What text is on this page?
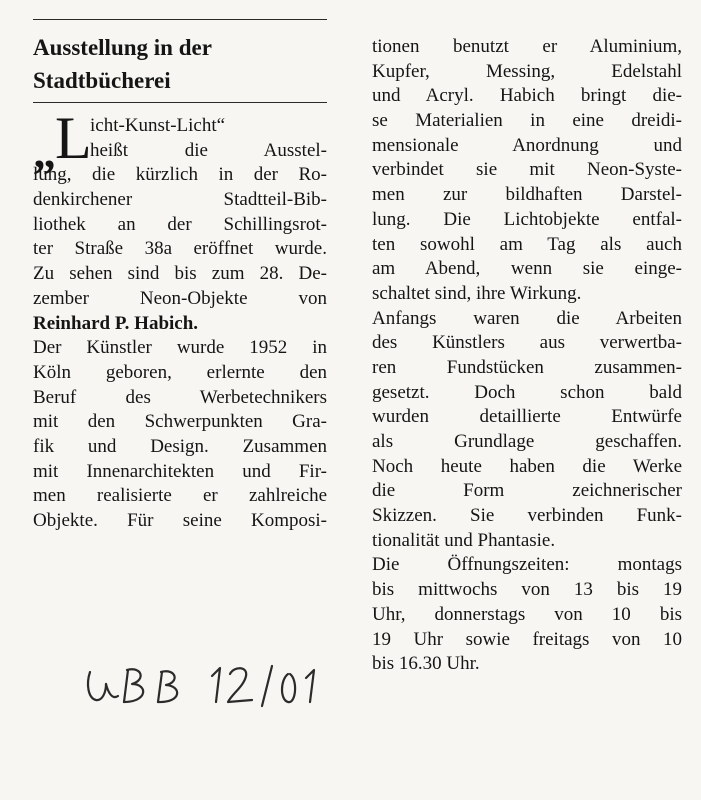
Ausstellung in der
Stadtbücherei
„ L
icht-Kunst-Licht“
heißt die Ausstel-
lung, die kürzlich in der Ro-
denkirchener Stadtteil-Bib-
liothek an der Schillingsrot-
ter Straße 38a eröffnet wurde.
Zu sehen sind bis zum 28. De-
zember Neon-Objekte von
Reinhard P. Habich.
Der Künstler wurde 1952 in
Köln geboren, erlernte den
Beruf des Werbetechnikers
mit den Schwerpunkten Gra-
fik und Design. Zusammen
mit Innenarchitekten und Fir-
men realisierte er zahlreiche
Objekte. Für seine Komposi-
tionen benutzt er Aluminium,
Kupfer, Messing, Edelstahl
und Acryl. Habich bringt die-
se Materialien in eine dreidi-
mensionale Anordnung und
verbindet sie mit Neon-Syste-
men zur bildhaften Darstel-
lung. Die Lichtobjekte entfal-
ten sowohl am Tag als auch
am Abend, wenn sie einge-
schaltet sind, ihre Wirkung.
Anfangs waren die Arbeiten
des Künstlers aus verwertba-
ren Fundstücken zusammen-
gesetzt. Doch schon bald
wurden detaillierte Entwürfe
als Grundlage geschaffen.
Noch heute haben die Werke
die Form zeichnerischer
Skizzen. Sie verbinden Funk-
tionalität und Phantasie.
Die Öffnungszeiten: montags
bis mittwochs von 13 bis 19
Uhr, donnerstags von 10 bis
19 Uhr sowie freitags von 10
bis 16.30 Uhr.
